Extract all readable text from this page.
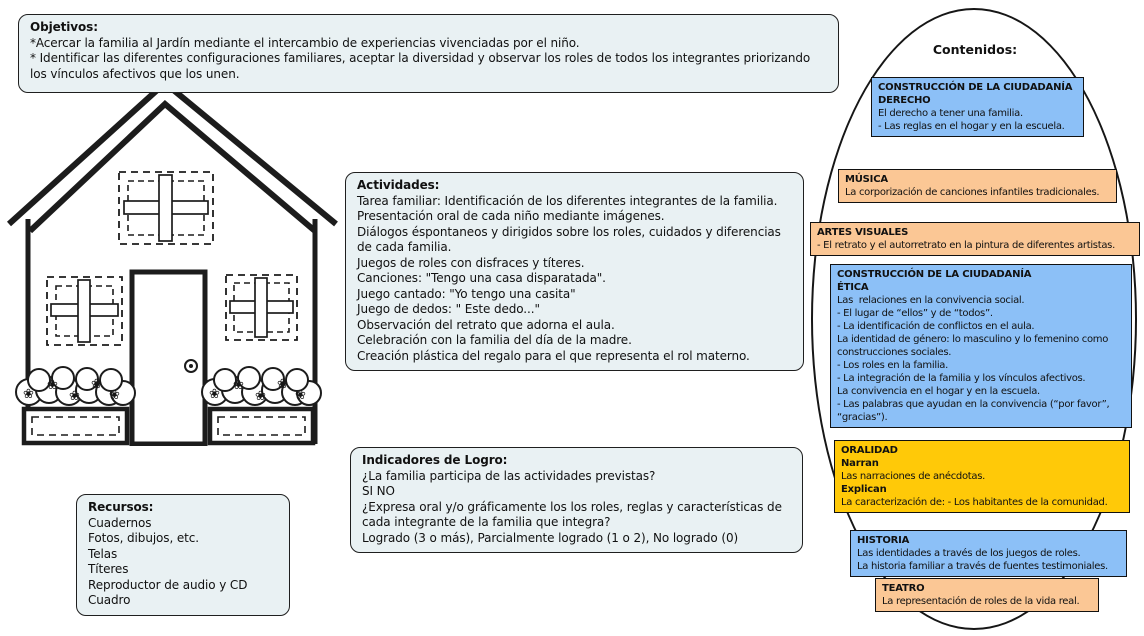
❀
❀
❀
❀
❀	❀
❀
❀
❀
❀
Objetivos:
*Acercar la familia al Jardín mediante el intercambio de experiencias vivenciadas por el niño.
* Identificar las diferentes configuraciones familiares, aceptar la diversidad y observar los roles de todos los integrantes priorizando los vínculos afectivos que los unen.
Actividades:
Tarea familiar: Identificación de los diferentes integrantes de la familia.
Presentación oral de cada niño mediante imágenes.
Diálogos éspontaneos y dirigidos sobre los roles, cuidados y diferencias de cada familia.
Juegos de roles con disfraces y títeres.
Canciones: "Tengo una casa disparatada".
Juego cantado: "Yo tengo una casita"
Juego de dedos: " Este dedo..."
Observación del retrato que adorna el aula.
Celebración con la familia del día de la madre.
Creación plástica del regalo para el que representa el rol materno.
Indicadores de Logro:
¿La familia participa de las actividades previstas?
SI NO
¿Expresa oral y/o gráficamente los los roles, reglas y características de cada integrante de la familia que integra?
Logrado (3 o más), Parcialmente logrado (1 o 2), No logrado (0)
Recursos:
Cuadernos
Fotos, dibujos, etc.
Telas
Títeres
Reproductor de audio y CD
Cuadro
Contenidos:
CONSTRUCCIÓN DE LA CIUDADANÍA
DERECHO
El derecho a tener una familia.
- Las reglas en el hogar y en la escuela.
MÚSICA
La corporización de canciones infantiles tradicionales.
ARTES VISUALES
- El retrato y el autorretrato en la pintura de diferentes artistas.
CONSTRUCCIÓN DE LA CIUDADANÍA
ÉTICA
Las  relaciones en la convivencia social.
- El lugar de “ellos” y de “todos”.
- La identificación de conflictos en el aula.
La identidad de género: lo masculino y lo femenino como construcciones sociales.
- Los roles en la familia.
- La integración de la familia y los vínculos afectivos.
La convivencia en el hogar y en la escuela.
- Las palabras que ayudan en la convivencia (“por favor”, “gracias”).
ORALIDAD
Narran
Las narraciones de anécdotas.
Explican
La caracterización de: - Los habitantes de la comunidad.
HISTORIA
Las identidades a través de los juegos de roles.
La historia familiar a través de fuentes testimoniales.
TEATRO
La representación de roles de la vida real.
